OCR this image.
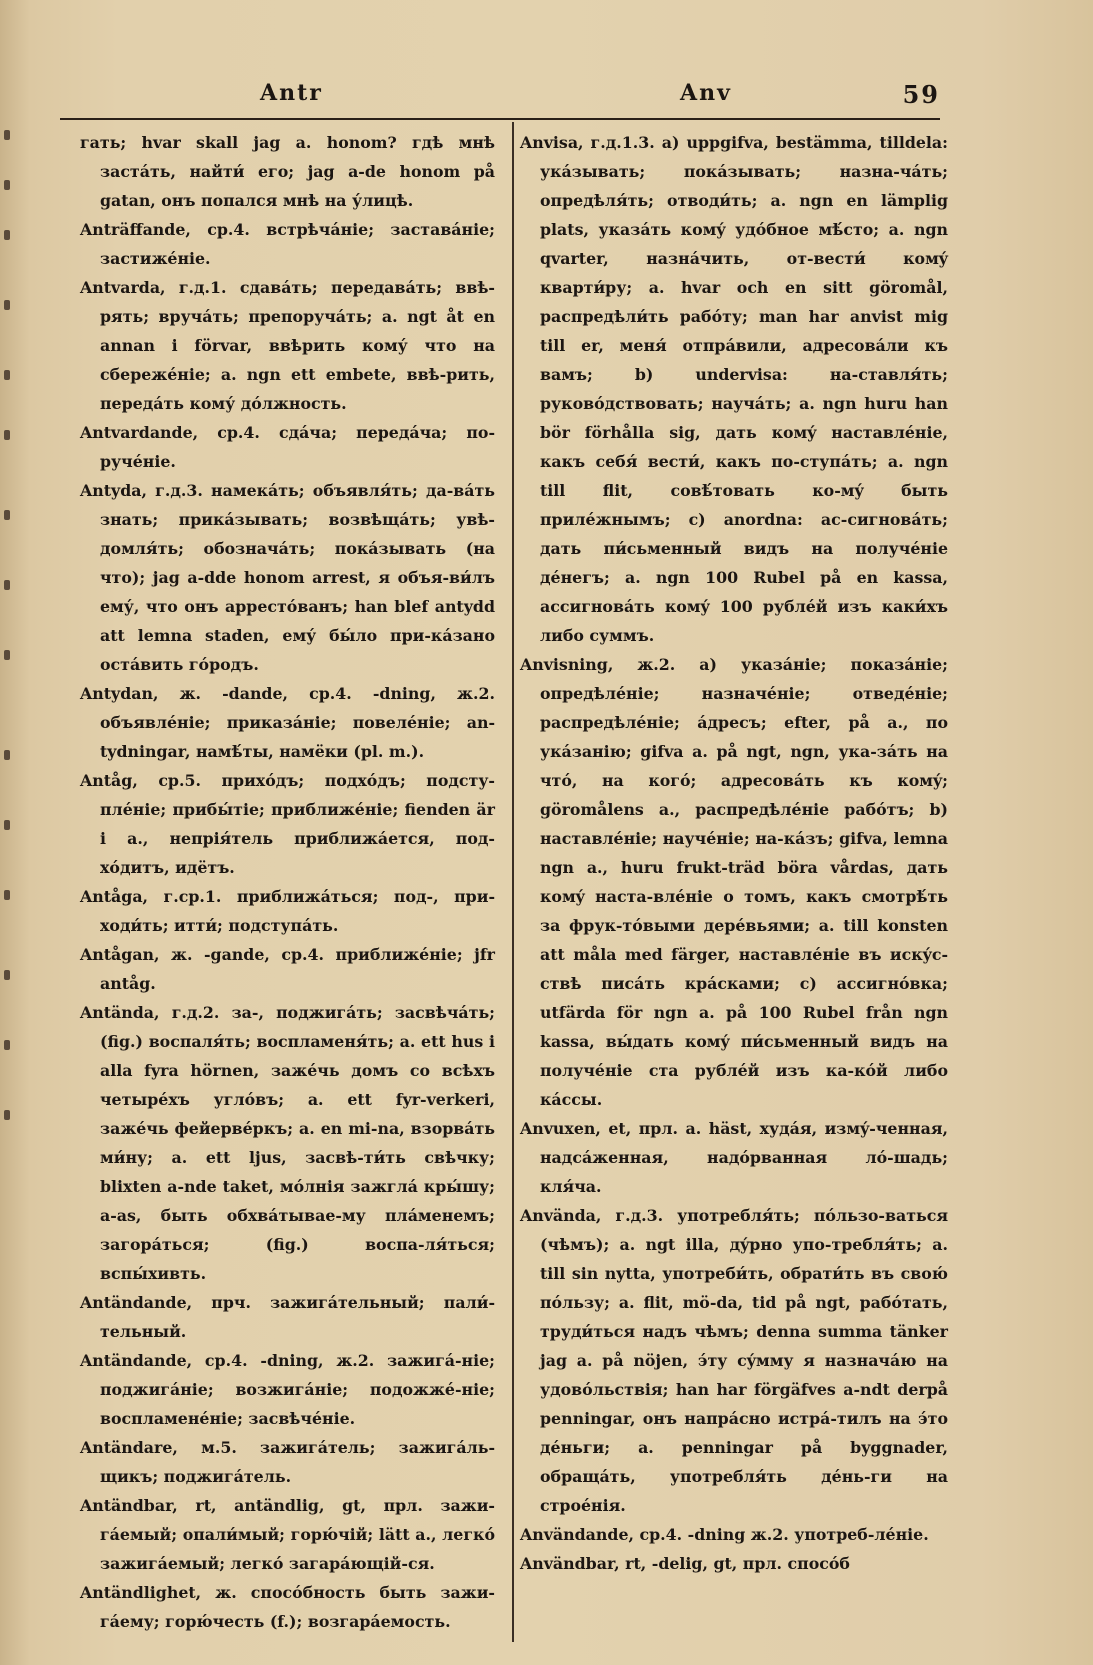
Antr	Anv	59

гать; hvar skall jag a. honom? гдѣ мнѣ застáть, найти́ его; jag a-de honom på gatan, онъ попался мнѣ на у́лицѣ.

Anträffande, ср.4. встрѣча́ніе; застава́ніе; застиже́ніе.

Antvarda, г.д.1. сдавáть; передавáть; ввѣ-рять; вручáть; препоручáть; a. ngt åt en annan i förvar, ввѣрить кому́ что на сбереже́ніе; a. ngn ett embete, ввѣ-рить, передáть кому́ до́лжность.

Antvardande, ср.4. сда́ча; переда́ча; по-руче́ніе.

Antyda, г.д.3. намекáть; объявля́ть; да-вáть знать; прикáзывать; возвѣщáть; увѣ-домля́ть; обозначáть; покáзывать (на что); jag a-dde honom arrest, я объя-ви́лъ ему́, что онъ арресто́ванъ; han blef antydd att lemna staden, ему́ бы́ло при-ка́зано оста́вить го́родъ.

Antydan, ж. -dande, ср.4. -dning, ж.2. объявле́ніе; приказа́ніе; повеле́ніе; an-tydningar, намѣ́ты, намёки (pl. m.).

Antåg, ср.5. прихо́дъ; подхо́дъ; подсту-пле́ніе; прибы́тіе; приближе́ніе; fienden är i a., непрія́тель приближа́ется, под-хо́дитъ, идётъ.

Antåga, г.ср.1. приближáться; под-, при-ходи́ть; итти́; подступáть.

Antågan, ж. -gande, ср.4. приближе́ніе; jfr antåg.

Antända, г.д.2. за-, поджигáть; засвѣчáть; (fig.) воспаля́ть; воспламеня́ть; a. ett hus i alla fyra hörnen, зажéчь домъ со всѣхъ четырéхъ углóвъ; a. ett fyr-verkeri, зажéчь фейервéркъ; a. en mi-na, взорвáть ми́ну; a. ett ljus, засвѣ-ти́ть свѣчку; blixten a-nde taket, мóлнія зажглá кры́шу; a-as, быть обхвáтывае-му плáменемъ; загорáться; (fig.) воспа-ля́ться; вспы́хивть.

Antändande, прч. зажигáтельный; пали́-тельный.

Antändande, ср.4. -dning, ж.2. зажигá-ніе; поджигáніе; возжигáніе; подожжé-ніе; воспламенéніе; засвѣчéніе.

Antändare, м.5. зажигáтель; зажигáль-щикъ; поджигáтель.

Antändbar, rt, antändlig, gt, прл. зажи-гáемый; опали́мый; горю́чій; lätt a., легкó зажигáемый; легкó загарáющій-ся.

Antändlighet, ж. спосóбность быть зажи-гáему; горю́честь (f.); возгарáемость.

Anvisa, г.д.1.3. a) uppgifva, bestämma, tilldela: укáзывать; покáзывать; назна-чáть; опредѣля́ть; отводи́ть; a. ngn en lämplig plats, указáть комý удóбное мѣ́сто; a. ngn qvarter, назнáчить, от-вести́ комý кварти́ру; a. hvar och en sitt göromål, распредѣли́ть рабóту; man har anvist mig till er, меня́ отпрáвили, адресовáли къ вамъ; b) undervisa: на-ставля́ть; руковóдствовать; научáть; a. ngn huru han bör förhålla sig, дать комý наставлéніе, какъ себя́ вести́, какъ по-ступáть; a. ngn till flit, совѣ́товать ко-мý быть прилéжнымъ; c) anordna: ас-сигновáть; дать пи́сьменный видъ на получéніе дéнегъ; a. ngn 100 Rubel på en kassa, ассигновáть комý 100 рублéй изъ каки́хъ либо суммъ.

Anvisning, ж.2. a) указáніе; показáніе; опредѣлéніе; назначéніе; отведéніе; распредѣлéніе; áдресъ; efter, på a., по укáзанію; gifva a. på ngt, ngn, ука-зáть на что́, на когó; адресовáть къ комý; göromålens a., распредѣлéніе рабóтъ; b) наставлéніе; научéніе; на-кáзъ; gifva, lemna ngn a., huru frukt-träd böra vårdas, дать комý наста-влéніе о томъ, какъ смотрѣ́ть за фрук-тóвыми дерéвьями; a. till konsten att måla med färger, наставлéніе въ искýс-ствѣ писáть крáсками; c) ассигнóвка; utfärda för ngn a. på 100 Rubel från ngn kassa, вы́дать комý пи́сьменный видъ на получéніе ста рублéй изъ ка-кóй либо кáссы.

Anvuxen, et, прл. a. häst, худáя, измý-ченная, надсáженная, надóрванная лó-шадь; кля́ча.

Använda, г.д.3. употребля́ть; пóльзо-ваться (чѣмъ); a. ngt illa, дýрно упо-требля́ть; a. till sin nytta, употреби́ть, обрати́ть въ свою́ пóльзу; a. flit, mö-da, tid på ngt, рабóтать, труди́ться надъ чѣмъ; denna summa tänker jag a. på nöjen, э́ту сýмму я назначáю на удовóльствія; han har förgäfves a-ndt derpå penningar, онъ напрáсно истрá-тилъ на э́то дéньги; a. penningar på byggnader, обращáть, употребля́ть дéнь-ги на строéнія.

Användande, ср.4. -dning ж.2. употреб-лéніе.

Användbar, rt, -delig, gt, прл. спосóб
